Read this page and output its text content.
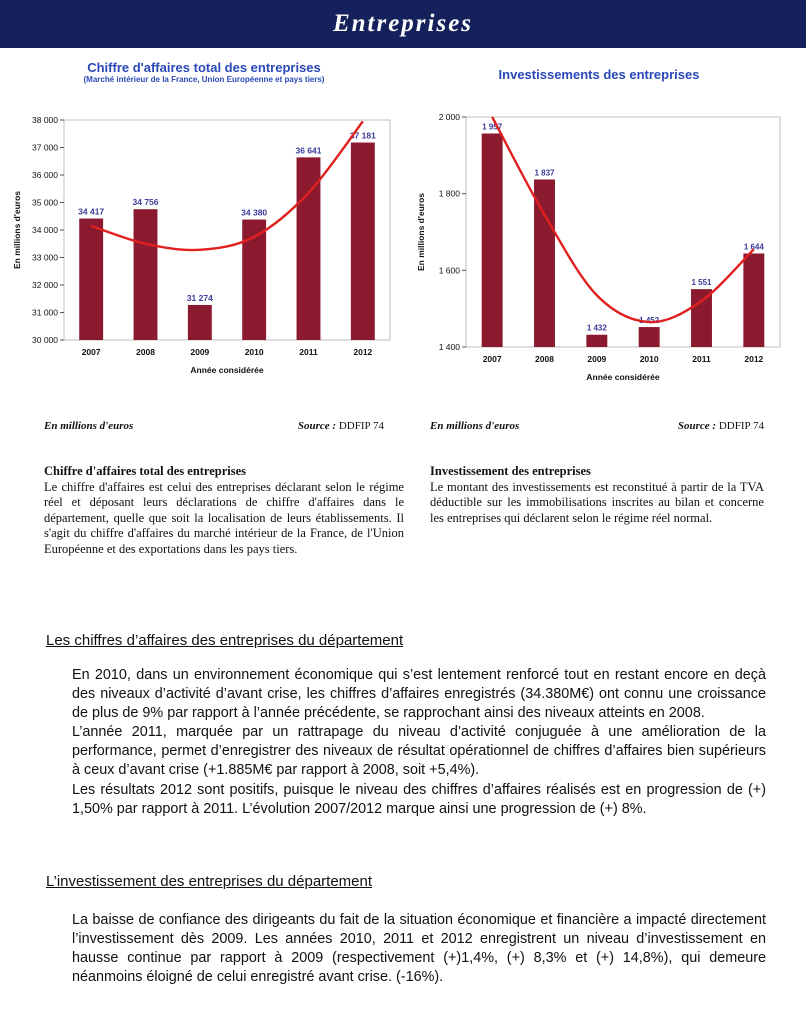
Entreprises
Chiffre d'affaires total des entreprises
(Marché intérieur de la France, Union Européenne et pays tiers)
30 000
31 000
32 000
33 000
34 000
35 000
36 000
37 000
38 000
34 417
2007
34 756
2008
31 274
2009
34 380
2010
36 641
2011
37 181
2012
Année considérée
En millions d'euros
Investissements des entreprises
1 400
1 600
1 800
2 000
1 957
2007
1 837
2008
1 432
2009
1 452
2010
1 551
2011
1 644
2012
Année considérée
En millions d'euros
En millions d'euros	Source : DDFIP 74	En millions d'euros	Source : DDFIP 74
Chiffre d'affaires total des entreprises
Le chiffre d'affaires est celui des entreprises déclarant selon le régime réel et déposant leurs déclarations de chiffre d'affaires dans le département, quelle que soit la localisation de leurs établissements. Il s'agit du chiffre d'affaires du marché intérieur de la France, de l'Union Européenne et des exportations dans les pays tiers.
Investissement des entreprises
Le montant des investissements est reconstitué à partir de la TVA déductible sur les immobilisations inscrites au bilan et concerne les entreprises qui déclarent selon le régime réel normal.
Les chiffres d’affaires des entreprises du département

En 2010, dans un environnement économique qui s’est lentement renforcé tout en restant encore en deçà des niveaux d’activité d’avant crise, les chiffres d’affaires enregistrés (34.380M€) ont connu une croissance de plus de 9% par rapport à l’année précédente, se rapprochant ainsi des niveaux atteints en 2008.

L’année 2011, marquée par un rattrapage du niveau d’activité conjuguée à une amélioration de la performance, permet d’enregistrer des niveaux de résultat opérationnel de chiffres d’affaires bien supérieurs à ceux d’avant crise (+1.885M€ par rapport à 2008, soit +5,4%).

Les résultats 2012 sont positifs, puisque le niveau des chiffres d’affaires réalisés est en progression de (+) 1,50% par rapport à 2011. L’évolution 2007/2012 marque ainsi une progression de (+) 8%.

L’investissement des entreprises du département

La baisse de confiance des dirigeants du fait de la situation économique et financière a impacté directement l’investissement dès 2009. Les années 2010, 2011 et 2012 enregistrent un niveau d’investissement en hausse continue par rapport à 2009 (respectivement (+)1,4%, (+) 8,3% et (+) 14,8%), qui demeure néanmoins éloigné de celui enregistré avant crise. (-16%).
